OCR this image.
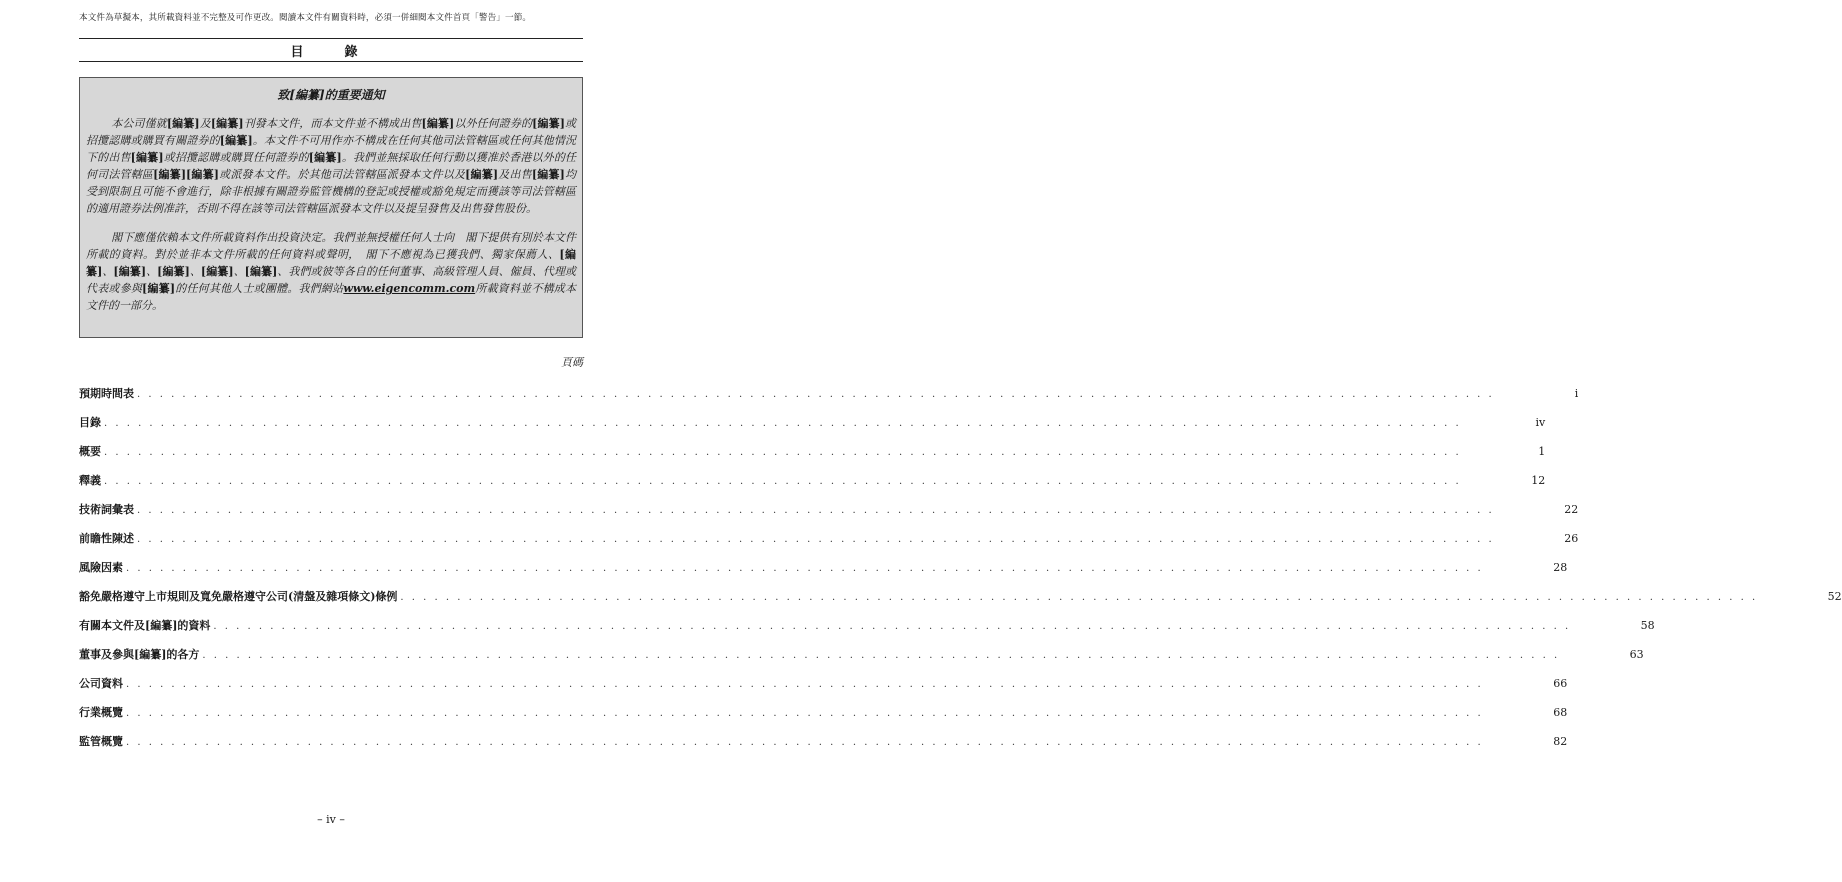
本文件為草擬本，其所載資料並不完整及可作更改。閱讀本文件有關資料時，必須一併細閱本文件首頁「警告」一節。
目　錄
致[編纂]的重要通知

本公司僅就[編纂]及[編纂]刊發本文件，而本文件並不構成出售[編纂]以外任何證券的[編纂]或招攬認購或購買有關證券的[編纂]。本文件不可用作亦不構成在任何其他司法管轄區或任何其他情況下的出售[編纂]或招攬認購或購買任何證券的[編纂]。我們並無採取任何行動以獲准於香港以外的任何司法管轄區[編纂][編纂]或派發本文件。於其他司法管轄區派發本文件以及[編纂]及出售[編纂]均受到限制且可能不會進行，除非根據有關證券監管機構的登記或授權或豁免規定而獲該等司法管轄區的適用證券法例准許，否則不得在該等司法管轄區派發本文件以及提呈發售及出售發售股份。

閣下應僅依賴本文件所載資料作出投資決定。我們並無授權任何人士向　閣下提供有別於本文件所載的資料。對於並非本文件所載的任何資料或聲明，　閣下不應視為已獲我們、獨家保薦人、[編纂]、[編纂]、[編纂]、[編纂]、[編纂]、我們或彼等各自的任何董事、高級管理人員、僱員、代理或代表或參與[編纂]的任何其他人士或團體。我們網站www.eigencomm.com所載資料並不構成本文件的一部分。

頁碼
預期時間表 . . . . . . . . . . . . . . . . . . . . . . . . . . . . . . . . . . . . . . . . . . . . . . . . . . . . . . . . . . . . . . . . . . . . . . . . . . . . . . . . . . . . . . . . . . . . . . . . . . . . . . . . . . . . . . . . . . . . . . . .	i
目錄 . . . . . . . . . . . . . . . . . . . . . . . . . . . . . . . . . . . . . . . . . . . . . . . . . . . . . . . . . . . . . . . . . . . . . . . . . . . . . . . . . . . . . . . . . . . . . . . . . . . . . . . . . . . . . . . . . . . . . . . .	iv
概要 . . . . . . . . . . . . . . . . . . . . . . . . . . . . . . . . . . . . . . . . . . . . . . . . . . . . . . . . . . . . . . . . . . . . . . . . . . . . . . . . . . . . . . . . . . . . . . . . . . . . . . . . . . . . . . . . . . . . . . . .	1
釋義 . . . . . . . . . . . . . . . . . . . . . . . . . . . . . . . . . . . . . . . . . . . . . . . . . . . . . . . . . . . . . . . . . . . . . . . . . . . . . . . . . . . . . . . . . . . . . . . . . . . . . . . . . . . . . . . . . . . . . . . .	12
技術詞彙表 . . . . . . . . . . . . . . . . . . . . . . . . . . . . . . . . . . . . . . . . . . . . . . . . . . . . . . . . . . . . . . . . . . . . . . . . . . . . . . . . . . . . . . . . . . . . . . . . . . . . . . . . . . . . . . . . . . . . . . . .	22
前瞻性陳述 . . . . . . . . . . . . . . . . . . . . . . . . . . . . . . . . . . . . . . . . . . . . . . . . . . . . . . . . . . . . . . . . . . . . . . . . . . . . . . . . . . . . . . . . . . . . . . . . . . . . . . . . . . . . . . . . . . . . . . . .	26
風險因素 . . . . . . . . . . . . . . . . . . . . . . . . . . . . . . . . . . . . . . . . . . . . . . . . . . . . . . . . . . . . . . . . . . . . . . . . . . . . . . . . . . . . . . . . . . . . . . . . . . . . . . . . . . . . . . . . . . . . . . . .	28
豁免嚴格遵守上市規則及寬免嚴格遵守公司(清盤及雜項條文)條例 . . . . . . . . . . . . . . . . . . . . . . . . . . . . . . . . . . . . . . . . . . . . . . . . . . . . . . . . . . . . . . . . . . . . . . . . . . . . . . . . . . . . . . . . . . . . . . . . . . . . . . . . . . . . . . . . . . . . . . . .	52
有關本文件及[編纂]的資料 . . . . . . . . . . . . . . . . . . . . . . . . . . . . . . . . . . . . . . . . . . . . . . . . . . . . . . . . . . . . . . . . . . . . . . . . . . . . . . . . . . . . . . . . . . . . . . . . . . . . . . . . . . . . . . . . . . . . . . . .	58
董事及參與[編纂]的各方 . . . . . . . . . . . . . . . . . . . . . . . . . . . . . . . . . . . . . . . . . . . . . . . . . . . . . . . . . . . . . . . . . . . . . . . . . . . . . . . . . . . . . . . . . . . . . . . . . . . . . . . . . . . . . . . . . . . . . . . .	63
公司資料 . . . . . . . . . . . . . . . . . . . . . . . . . . . . . . . . . . . . . . . . . . . . . . . . . . . . . . . . . . . . . . . . . . . . . . . . . . . . . . . . . . . . . . . . . . . . . . . . . . . . . . . . . . . . . . . . . . . . . . . .	66
行業概覽 . . . . . . . . . . . . . . . . . . . . . . . . . . . . . . . . . . . . . . . . . . . . . . . . . . . . . . . . . . . . . . . . . . . . . . . . . . . . . . . . . . . . . . . . . . . . . . . . . . . . . . . . . . . . . . . . . . . . . . . .	68
監管概覽 . . . . . . . . . . . . . . . . . . . . . . . . . . . . . . . . . . . . . . . . . . . . . . . . . . . . . . . . . . . . . . . . . . . . . . . . . . . . . . . . . . . . . . . . . . . . . . . . . . . . . . . . . . . . . . . . . . . . . . . .	82
– iv –
